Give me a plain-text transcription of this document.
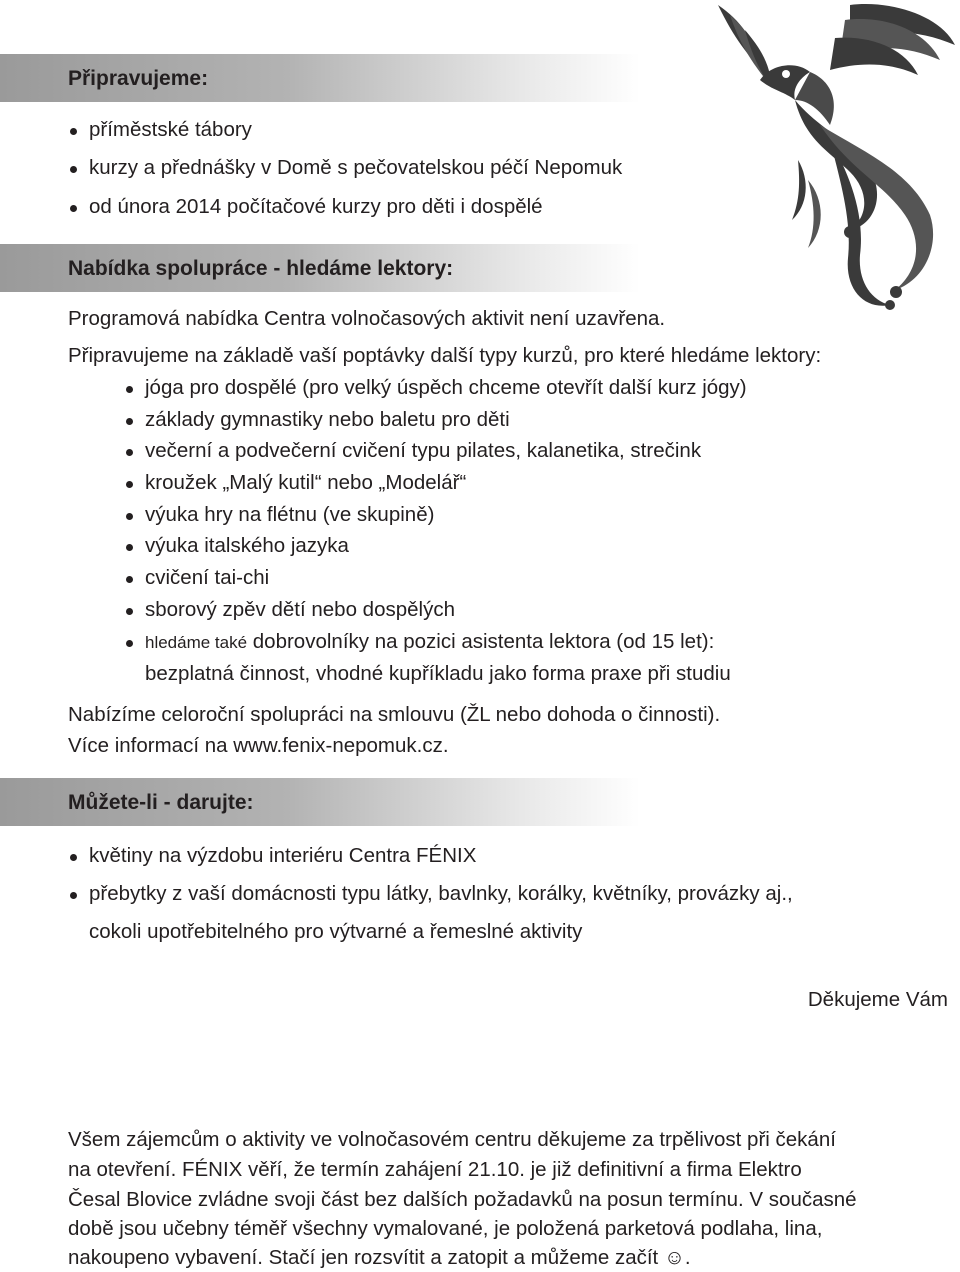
Připravujeme:
příměstské tábory
kurzy a přednášky v Domě s pečovatelskou péčí Nepomuk
od února 2014 počítačové kurzy pro děti i dospělé
Nabídka spolupráce - hledáme lektory:
Programová nabídka Centra volnočasových aktivit není uzavřena.
Připravujeme na základě vaší poptávky další typy kurzů, pro které hledáme lektory:
jóga pro dospělé (pro velký úspěch chceme otevřít další kurz jógy)
základy gymnastiky nebo baletu pro děti
večerní a podvečerní cvičení typu pilates, kalanetika, strečink
kroužek „Malý kutil“ nebo „Modelář“
výuka hry na flétnu (ve skupině)
výuka italského jazyka
cvičení tai-chi
sborový zpěv dětí nebo dospělých
hledáme také dobrovolníky na pozici asistenta lektora (od 15 let):
bezplatná činnost, vhodné kupříkladu jako forma praxe při studiu
Nabízíme celoroční spolupráci na smlouvu (ŽL nebo dohoda o činnosti).
Více informací na www.fenix-nepomuk.cz.
Můžete-li - darujte:
květiny na výzdobu interiéru Centra FÉNIX
přebytky z vaší domácnosti typu látky, bavlnky, korálky, květníky, provázky aj.,
cokoli upotřebitelného pro výtvarné a řemeslné aktivity
Děkujeme Vám
Všem zájemcům o aktivity ve volnočasovém centru děkujeme za trpělivost při čekání
na otevření. FÉNIX věří, že termín zahájení 21.10. je již definitivní a firma Elektro
Česal Blovice zvládne svoji část bez dalších požadavků na posun termínu. V současné
době jsou učebny téměř všechny vymalované, je položená parketová podlaha, lina,
nakoupeno vybavení. Stačí jen rozsvítit a zatopit a můžeme začít ☺.
